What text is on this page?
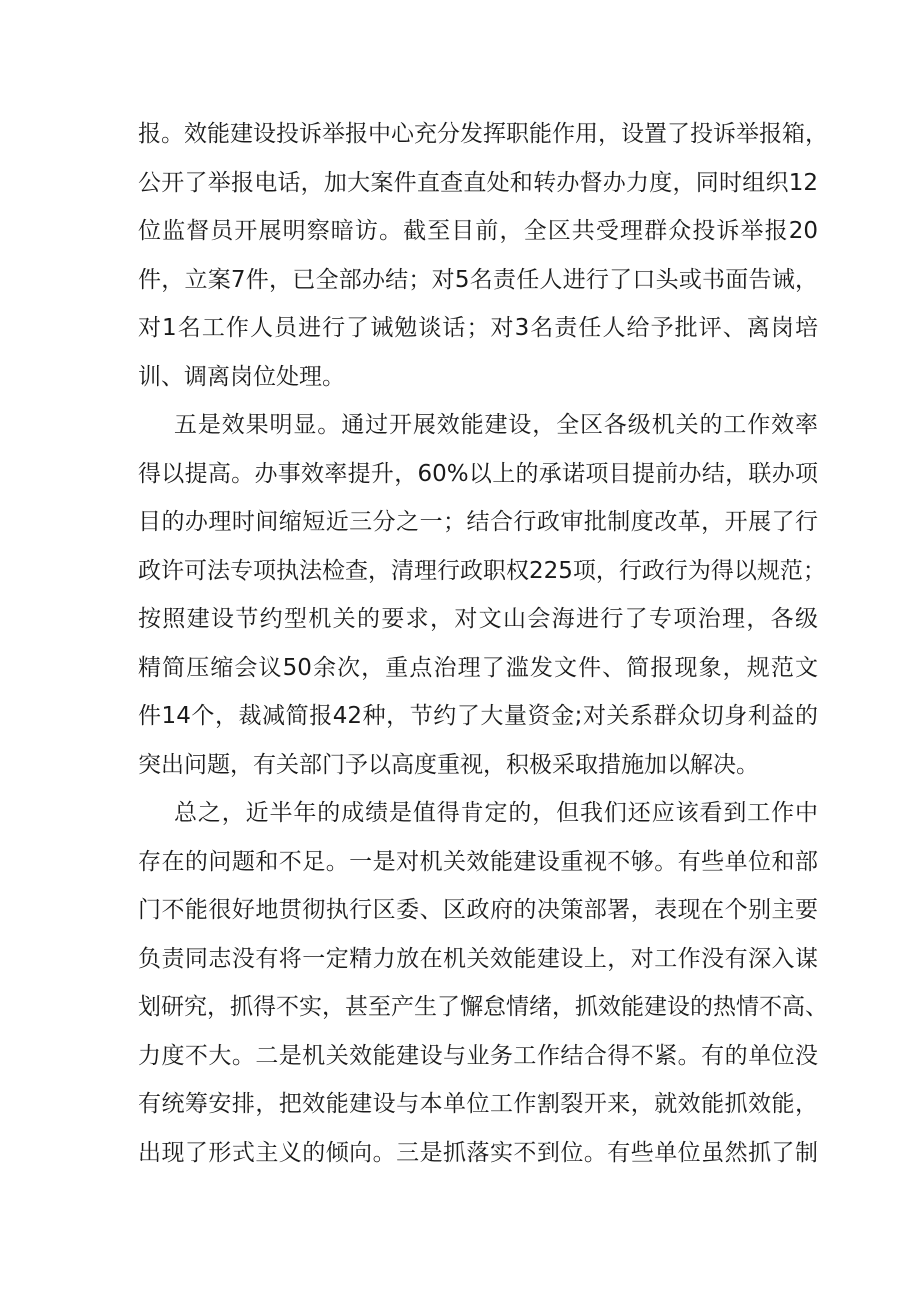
报。效能建设投诉举报中心充分发挥职能作用，设置了投诉举报箱，
公开了举报电话，加大案件直查直处和转办督办力度，同时组织12
位监督员开展明察暗访。截至目前，全区共受理群众投诉举报20
件，立案7件，已全部办结；对5名责任人进行了口头或书面告诫，
对1名工作人员进行了诫勉谈话；对3名责任人给予批评、离岗培
训、调离岗位处理。
五是效果明显。通过开展效能建设，全区各级机关的工作效率
得以提高。办事效率提升，60%以上的承诺项目提前办结，联办项
目的办理时间缩短近三分之一；结合行政审批制度改革，开展了行
政许可法专项执法检查，清理行政职权225项，行政行为得以规范；
按照建设节约型机关的要求，对文山会海进行了专项治理，各级
精简压缩会议50余次，重点治理了滥发文件、简报现象，规范文
件14个，裁减简报42种，节约了大量资金;对关系群众切身利益的
突出问题，有关部门予以高度重视，积极采取措施加以解决。
总之，近半年的成绩是值得肯定的，但我们还应该看到工作中
存在的问题和不足。一是对机关效能建设重视不够。有些单位和部
门不能很好地贯彻执行区委、区政府的决策部署，表现在个别主要
负责同志没有将一定精力放在机关效能建设上，对工作没有深入谋
划研究，抓得不实，甚至产生了懈怠情绪，抓效能建设的热情不高、
力度不大。二是机关效能建设与业务工作结合得不紧。有的单位没
有统筹安排，把效能建设与本单位工作割裂开来，就效能抓效能，
出现了形式主义的倾向。三是抓落实不到位。有些单位虽然抓了制
